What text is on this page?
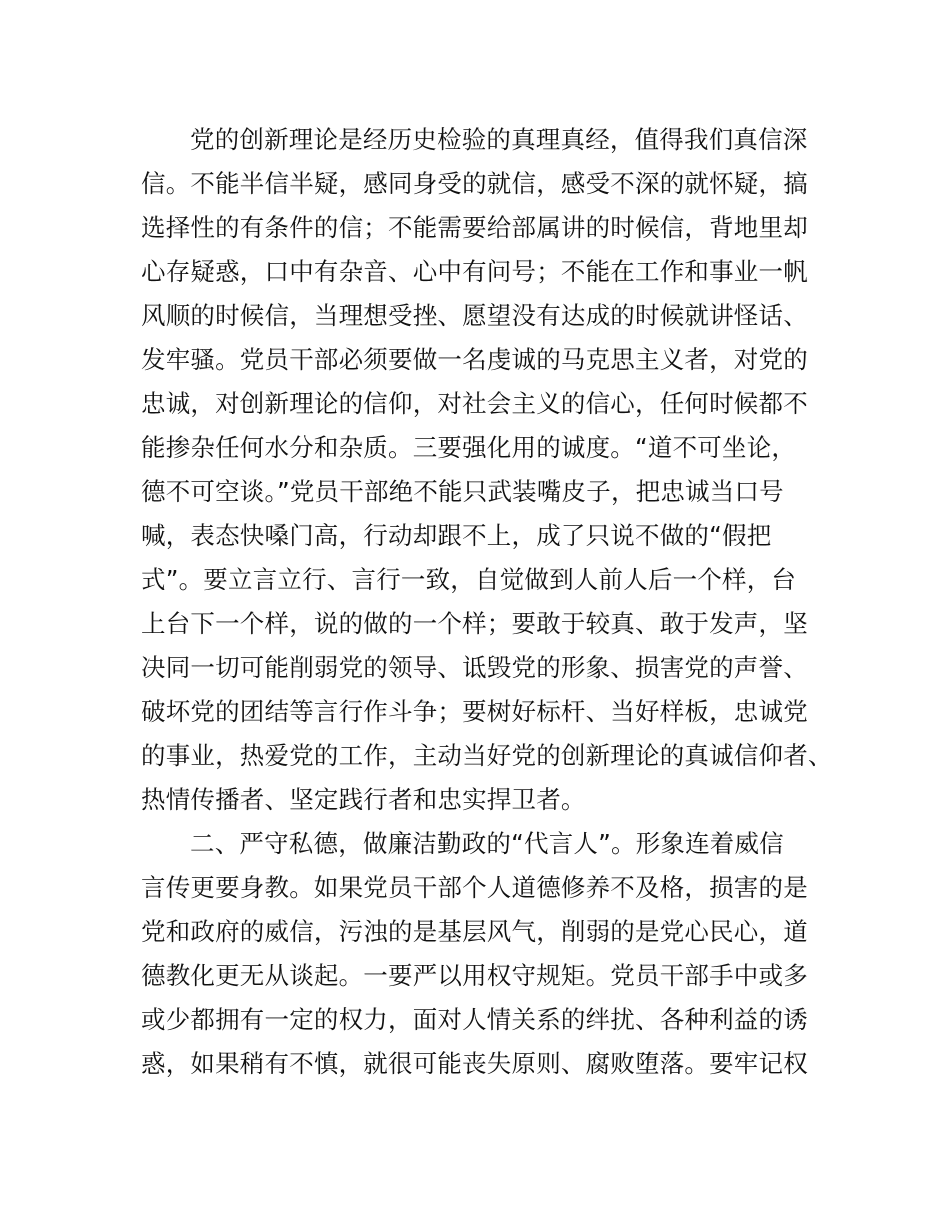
党的创新理论是经历史检验的真理真经，值得我们真信深
信。不能半信半疑，感同身受的就信，感受不深的就怀疑，搞
选择性的有条件的信；不能需要给部属讲的时候信，背地里却
心存疑惑，口中有杂音、心中有问号；不能在工作和事业一帆
风顺的时候信，当理想受挫、愿望没有达成的时候就讲怪话、
发牢骚。党员干部必须要做一名虔诚的马克思主义者，对党的
忠诚，对创新理论的信仰，对社会主义的信心，任何时候都不
能掺杂任何水分和杂质。三要强化用的诚度。“道不可坐论，
德不可空谈。”党员干部绝不能只武装嘴皮子，把忠诚当口号
喊，表态快嗓门高，行动却跟不上，成了只说不做的“假把
式”。要立言立行、言行一致，自觉做到人前人后一个样，台
上台下一个样，说的做的一个样；要敢于较真、敢于发声，坚
决同一切可能削弱党的领导、诋毁党的形象、损害党的声誉、
破坏党的团结等言行作斗争；要树好标杆、当好样板，忠诚党
的事业，热爱党的工作，主动当好党的创新理论的真诚信仰者、
热情传播者、坚定践行者和忠实捍卫者。
二、严守私德，做廉洁勤政的“代言人”。形象连着威信
言传更要身教。如果党员干部个人道德修养不及格，损害的是
党和政府的威信，污浊的是基层风气，削弱的是党心民心，道
德教化更无从谈起。一要严以用权守规矩。党员干部手中或多
或少都拥有一定的权力，面对人情关系的绊扰、各种利益的诱
惑，如果稍有不慎，就很可能丧失原则、腐败堕落。要牢记权
